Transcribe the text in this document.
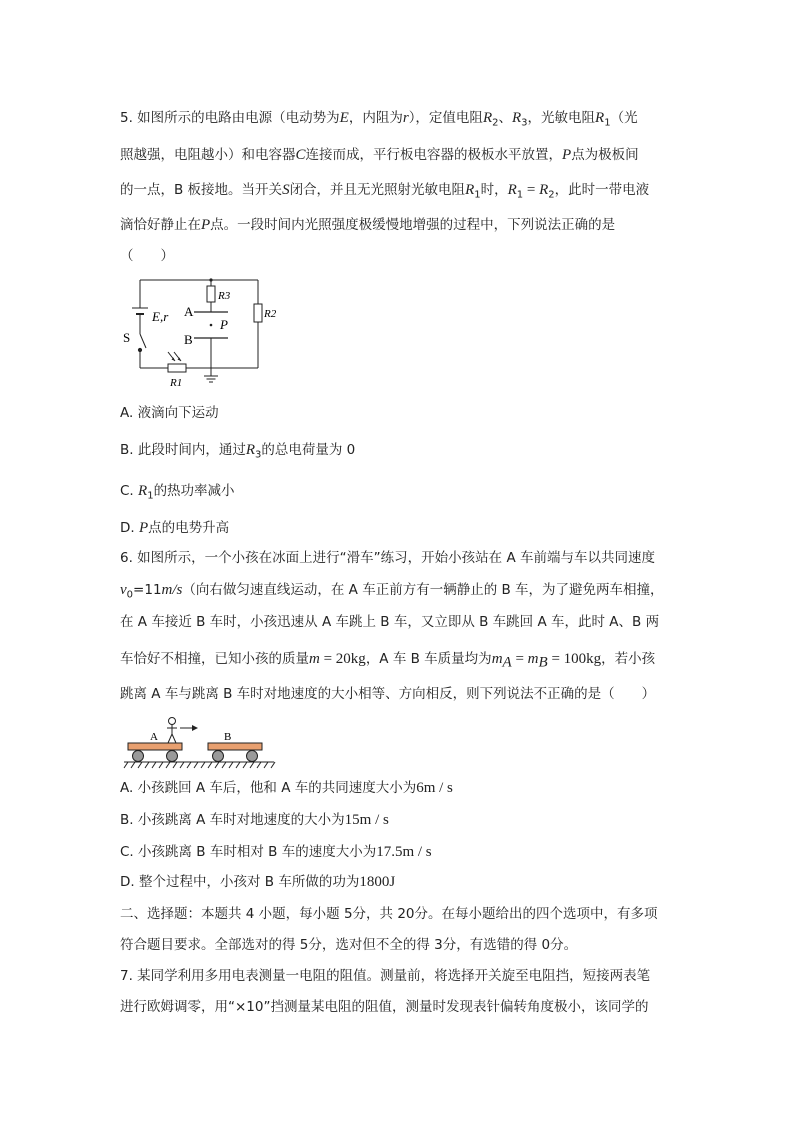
5. 如图所示的电路由电源（电动势为E，内阻为r），定值电阻$R_2$、$R_3$，光敏电阻$R_1$（光
照越强，电阻越小）和电容器C连接而成，平行板电容器的极板水平放置，P点为极板间
的一点，B 板接地。当开关S闭合，并且无光照射光敏电阻$R_1$时，$R_1 = R_2$，此时一带电液
滴恰好静止在P点。一段时间内光照强度极缓慢地增强的过程中，下列说法正确的是
（　　）
E,r
S
A
B
P
R3
R2
R1
A. 液滴向下运动
B. 此段时间内，通过$R_3$的总电荷量为 0
C. $R_1$的热功率减小
D. P点的电势升高
6. 如图所示，一个小孩在冰面上进行“滑车”练习，开始小孩站在 A 车前端与车以共同速度
$v_0=11m/s$（向右做匀速直线运动，在 A 车正前方有一辆静止的 B 车，为了避免两车相撞，
在 A 车接近 B 车时，小孩迅速从 A 车跳上 B 车，又立即从 B 车跳回 A 车，此时 A、B 两
车恰好不相撞，已知小孩的质量m = 20kg，A 车 B 车质量均为$m_A = m_B = 100kg$，若小孩
跳离 A 车与跳离 B 车时对地速度的大小相等、方向相反，则下列说法不正确的是（　　）
A	B
A. 小孩跳回 A 车后，他和 A 车的共同速度大小为6m / s
B. 小孩跳离 A 车时对地速度的大小为15m / s
C. 小孩跳离 B 车时相对 B 车的速度大小为17.5m / s
D. 整个过程中，小孩对 B 车所做的功为1800J
二、选择题：本题共 4 小题，每小题 5分，共 20分。在每小题给出的四个选项中，有多项
符合题目要求。全部选对的得 5分，选对但不全的得 3分，有选错的得 0分。
7. 某同学利用多用电表测量一电阻的阻值。测量前，将选择开关旋至电阻挡，短接两表笔
进行欧姆调零，用“×10”挡测量某电阻的阻值，测量时发现表针偏转角度极小，该同学的
